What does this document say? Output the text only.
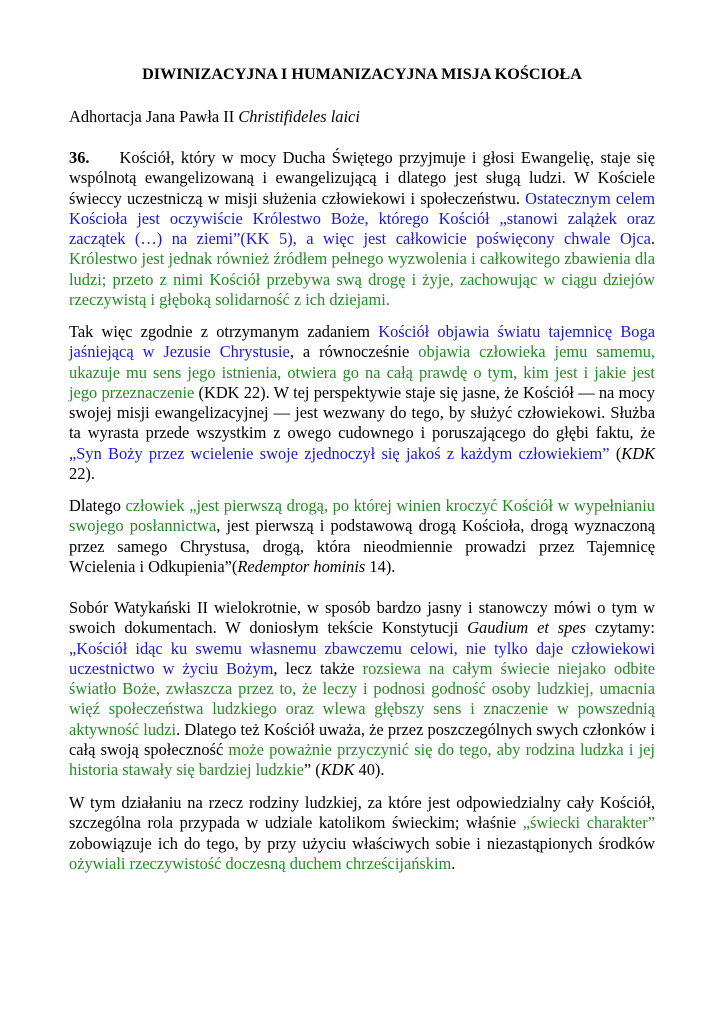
DIWINIZACYJNA I HUMANIZACYJNA MISJA KOŚCIOŁA
Adhortacja Jana Pawła II Christifideles laici

36. Kościół, który w mocy Ducha Świętego przyjmuje i głosi Ewangelię, staje się wspólnotą ewangelizowaną i ewangelizującą i dlatego jest sługą ludzi. W Kościele świeccy uczestniczą w misji służenia człowiekowi i społeczeństwu. Ostatecznym celem Kościoła jest oczywiście Królestwo Boże, którego Kościół „stanowi zalążek oraz zaczątek (…) na ziemi”(KK 5), a więc jest całkowicie poświęcony chwale Ojca. Królestwo jest jednak również źródłem pełnego wyzwolenia i całkowitego zbawienia dla ludzi; przeto z nimi Kościół przebywa swą drogę i żyje, zachowując w ciągu dziejów rzeczywistą i głęboką solidarność z ich dziejami.

Tak więc zgodnie z otrzymanym zadaniem Kościół objawia światu tajemnicę Boga jaśniejącą w Jezusie Chrystusie, a równocześnie objawia człowieka jemu samemu, ukazuje mu sens jego istnienia, otwiera go na całą prawdę o tym, kim jest i jakie jest jego przeznaczenie (KDK 22). W tej perspektywie staje się jasne, że Kościół — na mocy swojej misji ewangelizacyjnej — jest wezwany do tego, by służyć człowiekowi. Służba ta wyrasta przede wszystkim z owego cudownego i poruszającego do głębi faktu, że „Syn Boży przez wcielenie swoje zjednoczył się jakoś z każdym człowiekiem” (KDK 22).

Dlatego człowiek „jest pierwszą drogą, po której winien kroczyć Kościół w wypełnianiu swojego posłannictwa, jest pierwszą i podstawową drogą Kościoła, drogą wyznaczoną przez samego Chrystusa, drogą, która nieodmiennie prowadzi przez Tajemnicę Wcielenia i Odkupienia”(Redemptor hominis 14).

Sobór Watykański II wielokrotnie, w sposób bardzo jasny i stanowczy mówi o tym w swoich dokumentach. W doniosłym tekście Konstytucji Gaudium et spes czytamy: „Kościół idąc ku swemu własnemu zbawczemu celowi, nie tylko daje człowiekowi uczestnictwo w życiu Bożym, lecz także rozsiewa na całym świecie niejako odbite światło Boże, zwłaszcza przez to, że leczy i podnosi godność osoby ludzkiej, umacnia więź społeczeństwa ludzkiego oraz wlewa głębszy sens i znaczenie w powszednią aktywność ludzi. Dlatego też Kościół uważa, że przez poszczególnych swych członków i całą swoją społeczność może poważnie przyczynić się do tego, aby rodzina ludzka i jej historia stawały się bardziej ludzkie” (KDK 40).

W tym działaniu na rzecz rodziny ludzkiej, za które jest odpowiedzialny cały Kościół, szczególna rola przypada w udziale katolikom świeckim; właśnie „świecki charakter” zobowiązuje ich do tego, by przy użyciu właściwych sobie i niezastąpionych środków ożywiali rzeczywistość doczesną duchem chrześcijańskim.
